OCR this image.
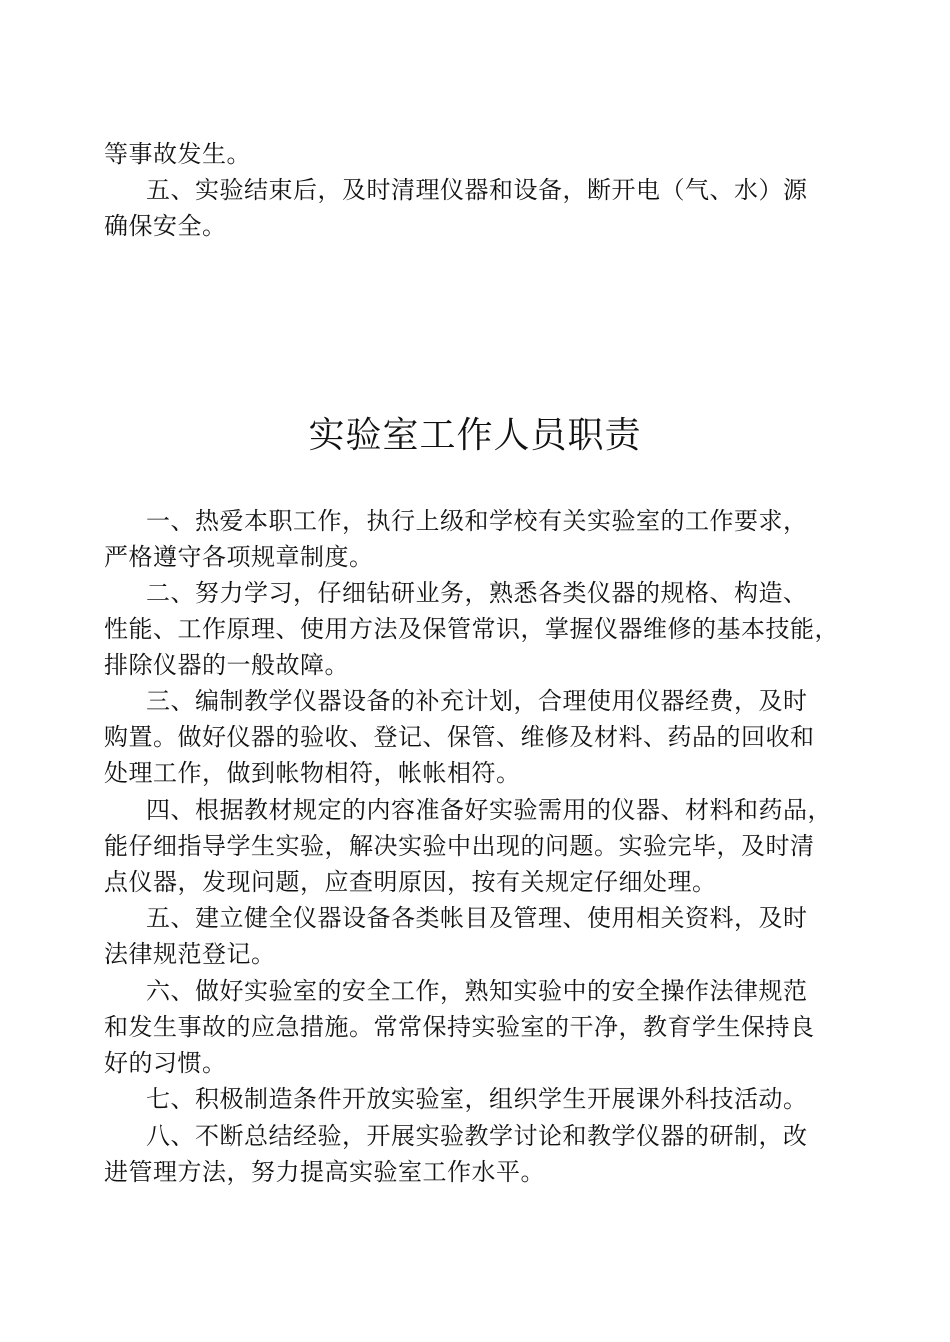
等事故发生。
五、实验结束后，及时清理仪器和设备，断开电（气、水）源
确保安全。
实验室工作人员职责
一、热爱本职工作，执行上级和学校有关实验室的工作要求，
严格遵守各项规章制度。
二、努力学习，仔细钻研业务，熟悉各类仪器的规格、构造、
性能、工作原理、使用方法及保管常识，掌握仪器维修的基本技能，
排除仪器的一般故障。
三、编制教学仪器设备的补充计划，合理使用仪器经费，及时
购置。做好仪器的验收、登记、保管、维修及材料、药品的回收和
处理工作，做到帐物相符，帐帐相符。
四、根据教材规定的内容准备好实验需用的仪器、材料和药品，
能仔细指导学生实验，解决实验中出现的问题。实验完毕，及时清
点仪器，发现问题，应查明原因，按有关规定仔细处理。
五、建立健全仪器设备各类帐目及管理、使用相关资料，及时
法律规范登记。
六、做好实验室的安全工作，熟知实验中的安全操作法律规范
和发生事故的应急措施。常常保持实验室的干净，教育学生保持良
好的习惯。
七、积极制造条件开放实验室，组织学生开展课外科技活动。
八、不断总结经验，开展实验教学讨论和教学仪器的研制，改
进管理方法，努力提高实验室工作水平。
